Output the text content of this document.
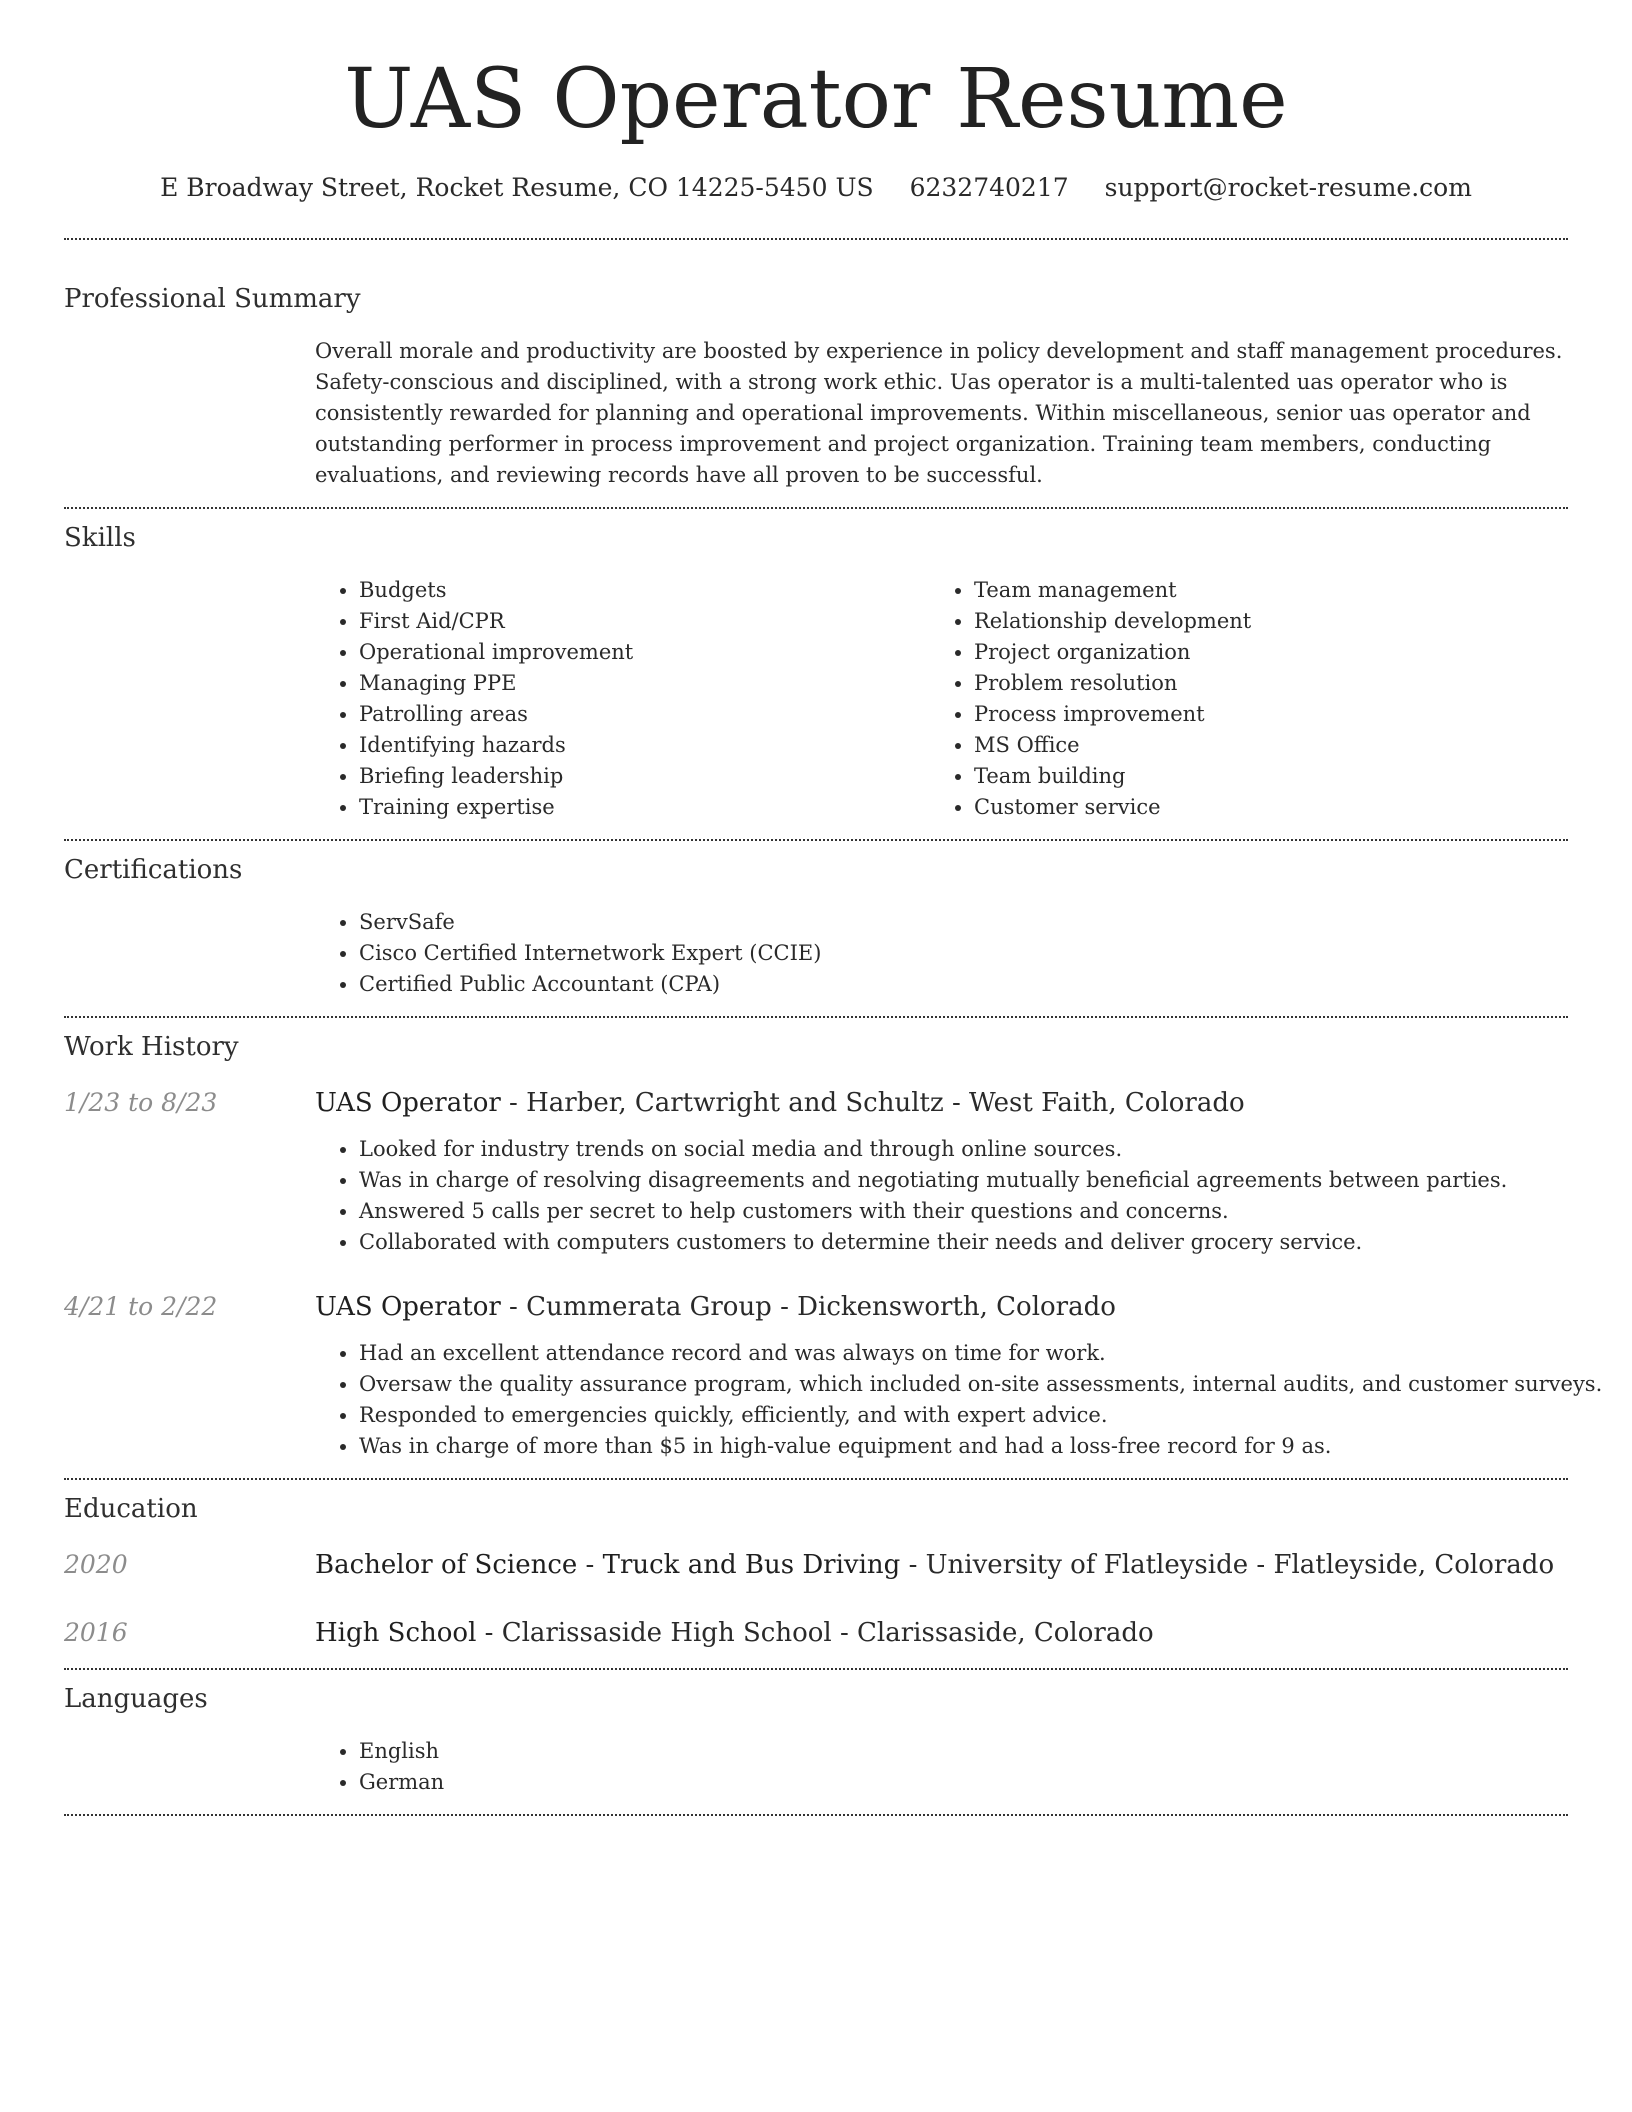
UAS Operator Resume
E Broadway Street, Rocket Resume, CO 14225-5450 US 6232740217 support@rocket-resume.com
Professional Summary

Overall morale and productivity are boosted by experience in policy development and staff management procedures. Safety-conscious and disciplined, with a strong work ethic. Uas operator is a multi-talented uas operator who is consistently rewarded for planning and operational improvements. Within miscellaneous, senior uas operator and outstanding performer in process improvement and project organization. Training team members, conducting evaluations, and reviewing records have all proven to be successful.

Skills
• Budgets
• First Aid/CPR
• Operational improvement
• Managing PPE
• Patrolling areas
• Identifying hazards
• Briefing leadership
• Training expertise
• Team management
• Relationship development
• Project organization
• Problem resolution
• Process improvement
• MS Office
• Team building
• Customer service
Certifications
• ServSafe
• Cisco Certified Internetwork Expert (CCIE)
• Certified Public Accountant (CPA)
Work History
1/23 to 8/23	UAS Operator - Harber, Cartwright and Schultz - West Faith, Colorado
• Looked for industry trends on social media and through online sources.
• Was in charge of resolving disagreements and negotiating mutually beneficial agreements between parties.
• Answered 5 calls per secret to help customers with their questions and concerns.
• Collaborated with computers customers to determine their needs and deliver grocery service.
4/21 to 2/22	UAS Operator - Cummerata Group - Dickensworth, Colorado
• Had an excellent attendance record and was always on time for work.
• Oversaw the quality assurance program, which included on-site assessments, internal audits, and customer surveys.
• Responded to emergencies quickly, efficiently, and with expert advice.
• Was in charge of more than $5 in high-value equipment and had a loss-free record for 9 as.
Education
2020	Bachelor of Science - Truck and Bus Driving - University of Flatleyside - Flatleyside, Colorado
2016	High School - Clarissaside High School - Clarissaside, Colorado
Languages
• English
• German
